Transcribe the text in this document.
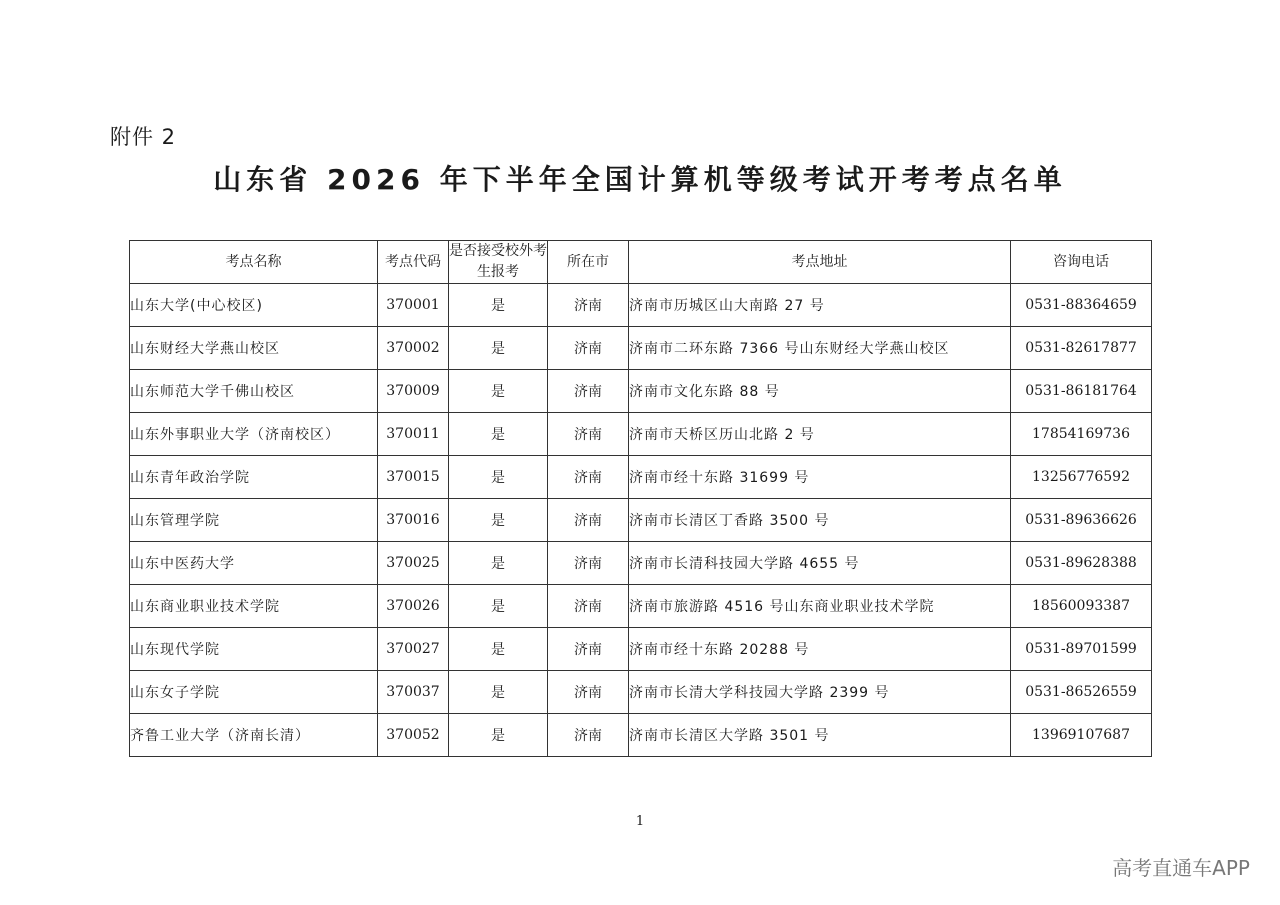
附件 2
山东省 2026 年下半年全国计算机等级考试开考考点名单
考点名称	考点代码	是否接受校外考生报考	所在市	考点地址	咨询电话
山东大学(中心校区)	370001	是	济南	济南市历城区山大南路 27 号	0531-88364659
山东财经大学燕山校区	370002	是	济南	济南市二环东路 7366 号山东财经大学燕山校区	0531-82617877
山东师范大学千佛山校区	370009	是	济南	济南市文化东路 88 号	0531-86181764
山东外事职业大学（济南校区）	370011	是	济南	济南市天桥区历山北路 2 号	17854169736
山东青年政治学院	370015	是	济南	济南市经十东路 31699 号	13256776592
山东管理学院	370016	是	济南	济南市长清区丁香路 3500 号	0531-89636626
山东中医药大学	370025	是	济南	济南市长清科技园大学路 4655 号	0531-89628388
山东商业职业技术学院	370026	是	济南	济南市旅游路 4516 号山东商业职业技术学院	18560093387
山东现代学院	370027	是	济南	济南市经十东路 20288 号	0531-89701599
山东女子学院	370037	是	济南	济南市长清大学科技园大学路 2399 号	0531-86526559
齐鲁工业大学（济南长清）	370052	是	济南	济南市长清区大学路 3501 号	13969107687
1
高考直通车APP
